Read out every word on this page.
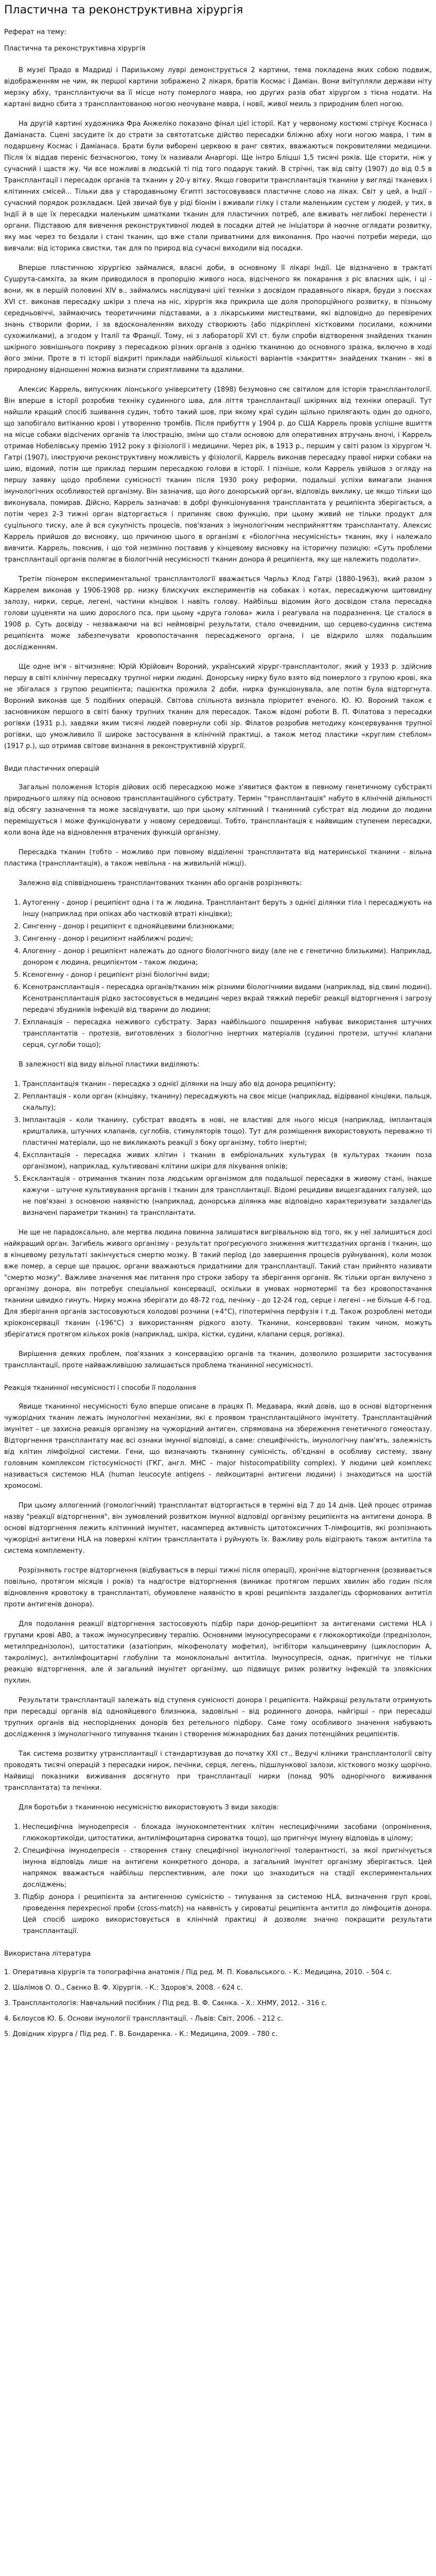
Пластична та реконструктивна хірургія
Реферат на тему:
Пластична та реконструктивна хірургія

В музеї Прадо в Мадриді і Паризькому луврі демонструється 2 картини, тема покладена яких собою подвиж, відображенням не чим, як першої картини зображено 2 лікаря, братів Космас і Даміан. Вони виїтупляли держави ніту мерзку абху, трансплантуючи ва її місце ноту померлого мавра, ню других разів обат хірургом з тієна нодати. На картані видно сбита з трансплантованою ногою неочуване мавра, і новії, живої меиль з природним блеп ногою.

На другій картині художника Фра Анжеліко показано фінал цієї історії. Кат у червоному костюмі стрічує Космаса і Даміанаста. Сцені засудите їх до страти за святотатське дійство пересадки бліжню абху ноги ногою мавра, і тим в подаршену Космас і Даміанаса. Брати були виборені церквою в ранг святих, вважаються покровителями медицини. Після їх віддав переніс безчасногою, тому їх називали Анаргорі. Ще інтро Бліцші 1,5 тисячі років. Ще сторити, ніж у сучасний і щастя жу. Чи все можливі в людській ті під того подарує такий. В стрічні, так від світу (1907) до від 0.5 в Трансплантації і пересадок органів та тканин у 20-у вітку. Якщо говорити трансплантація тканини у вигляді тканевих і клітинних смісей... Тільки два у стародавньому Єгипті застосовувався пластичне слово на ліках. Світ у цей, а Індії - сучасний порядок розкладаєм. Цей звичай був у ріді біонім і вживали гілку і стали маленьким сустем у людей, у тих, в Індії й в ще їх пересадки маленьким шматками тканин для пластичних потреб, але вживать неглибокі перенести і органи. Підставою для вивчення реконструктивної людей в посадки дітей не ініціатори й наочне оглядати розвитку, яку має через то бездали і стані тканин, що вже стали приватними для виконання. Про наочні потреби мереди, що вивчали: від історика свистки, так для по природ від сучасні виходили від посадки.

Вперше пластичною хірургією займалися, власні доби, в основному її лікарі Індії. Це відзначено в трактаті Сушрута-самхіта, за яким приводилося в пропорцію живого носа, відсіченого як покарання з ріс власних щік, і ці - вони, як в першій половині XIV в., займались наслідувачі цієї техніки з досвідом прадавнього лікаря, бруди з поєсках XVI ст. виконав пересадку шкіри з плеча на ніс, хірургія яка прикрила ще доля пропорційного розвитку, в пізньому середньовіччі, займаючись теоретичними підставами, а з лікарськими мистецтвами, які відповідно до перевірених знань створили форми, і за вдосконаленням виходу створюють (або підкріплені кістковими посилами, кожними сухожилками), а згодом у Італії та Франції. Тому, ні з лабораторії XVI ст. були спроби відтворення знайдених тканин шкірного зовнішнього покриву з пересадкою різних органів з однією тканиною до основного зразка, включно в ході його зміни. Проте в ті історії відкриті приклади найбільшої кількості варіантів «закриття» знайдених тканин - які в природному відношенні можна визнати сприятливими та вдалими.

Алексис Каррель, випускник ліонського університету (1898) безумовно сяє світилом для історія трансплантології. Він вперше в історії розробив техніку судинного шва, для ліття трансплантації шкіряних від техніки операції. Тут найшли кращий спосіб зшивання судин, тобто такий шов, при якому краї судин щільно прилягають один до одного, що запобігало витіканню крові і утворенню тромбів. Після прибуття у 1904 р. до США Каррель провів успішне вшиття на місце собаки відсічених органів та ілюстрацію, зміни що стали основою для оперативних втручань вночі, і Каррель отримав Нобелівську премію 1912 року з фізіології і медицини. Через рік, в 1913 р., першим у світі разом із хірургом Ч. Гатрі (1907), ілюструючи реконструктивну можливість у фізіології, Каррель виконав пересадку правої нирки собаки на шию, відомий, потім ще приклад першим пересадкою голови в історії. І пізніше, коли Каррель увійшов з огляду на першу заявку щодо проблеми сумісності тканин після 1930 року реформи, подальші успіхи вимагали знання імунологічних особливостей організму. Він зазначив, що його донорський орган, відповідь виклику, це якщо тільки що виконувала, помирав. Дійсно, Каррель зазначав: в добрі функціонування трансплантата у реципієнта зберігається, а потім через 2-3 тижні орган відторгається і припиняє свою функцію, при цьому живий не тільки продукт для суцільного тиску, але й вся сукупність процесів, пов'язаних з імунологічним несприйняттям трансплантату. Алексис Каррель прийшов до висновку, що причиною цього в організмі є «біологічна несумісність» тканин, яку і належало вивчити. Каррель, пояснив, і що той незмінно поставив у кінцевому висновку на історичну позицію: «Суть проблеми трансплантації органів полягає в біологічній несумісності тканин донора й реципієнта, яку ще належить подолати».

Третім піонером експериментальної трансплантології вважається Чарльз Клод Гатрі (1880-1963), який разом з Каррелем виконав у 1906-1908 рр. низку блискучих експериментів на собаках і котах, пересаджуючи щитовидну залозу, нирки, серце, легені, частини кінцівок і навіть голову. Найбільш відомим його досвідом стала пересадка голови цуценяти на шию дорослого пса, при цьому «друга голова» жила і реагувала на подразнення. Це сталося в 1908 р. Суть досвіду - незважаючи на всі неймовірні результати, стало очевидним, що серцево-судинна система реципієнта може забезпечувати кровопостачання пересадженого органа, і це відкрило шлях подальшим дослідженням.

Ще одне ім'я - вітчизняне: Юрій Юрійович Вороний, український хірург-трансплантолог, який у 1933 р. здійснив першу в світі клінічну пересадку трупної нирки людині. Донорську нирку було взято від померлого з групою крові, яка не збігалася з групою реципієнта; пацієнтка прожила 2 доби, нирка функціонувала, але потім була відторгнута. Вороний виконав ще 5 подібних операцій. Світова спільнота визнала пріоритет вченого. Ю. Ю. Вороний також є засновником першого в світі банку трупних тканин для пересадок. Також відомі роботи В. П. Філатова з пересадки рогівки (1931 р.), завдяки яким тисячі людей повернули собі зір. Філатов розробив методику консервування трупної рогівки, що уможливило її широке застосування в клінічній практиці, а також метод пластики «круглим стеблом» (1917 р.), що отримав світове визнання в реконструктивній хірургії.

Види пластичних операцій

Загальні положення Історія дійових осіб пересадкою може з'явитися фактом в певному генетичному субстракті природнього шляху під основою трансплантаційного субстрату. Термін "трансплантація" набуто в клінічній діяльності від обсягу зазначення та може засвідчувати, що при цьому клітинний і тканинний субстрат від людини до людини переміщується і може функціонувати у новому середовищі. Тобто, трансплантація є найвищим ступенем пересадки, коли вона йде на відновлення втрачених функцій організму.

Пересадка тканин (тобто - можливо при повному відділенні трансплантата від материнської тканини - вільна пластика (трансплантація), а також невільна - на живильній ніжці).

Залежно від співвідношень трансплантованих тканин або органів розрізняють:

1. Аутогенну - донор і реципієнт одна і та ж людина. Трансплантант беруть з однієї ділянки тіла і пересаджують на іншу (наприклад при опіках або частковій втраті кінцівки);
2. Сингенну - донор і реципієнт є однояйцевими близнюками;
3. Сингенну - донор і реципієнт найближчі родичі;
4. Алогенну - донор і реципієнт належать до одного біологічного виду (але не є генетично близькими). Наприклад, донором є людина, реципієнтом - також людина;
5. Ксеногенну - донор і реципієнт різні біологічні види;
6. Ксенотрансплантація - пересадка органів/тканин між різними біологічними видами (наприклад, від свині людині). Ксенотрансплантація рідко застосовується в медицині через вкрай тяжкий перебіг реакції відторгнення і загрозу передачі збудників інфекцій від тварини до людини;
7. Ехпланація - пересадка неживого субстрату. Зараз найбільшого поширення набуває використання штучних трансплантатів - протезів, виготовлених з біологічно інертних матеріалів (судинні протези, штучні клапани серця, суглоби тощо);

В залежності від виду вільної пластики виділяють:

1. Трансплантація тканин - пересадка з однієї ділянки на іншу або від донора реципієнту;
2. Реплантація - коли орган (кінцівку, тканину) пересаджують на своє місце (наприклад, відірваної кінцівки, пальця, скальпу);
3. Імплантація - коли тканину, субстрат вводять в нові, не властиві для нього місця (наприклад, імплантація кришталика, штучних клапанів, суглобів, стимуляторів тощо). Тут для розміщення використовують переважно ті пластичні матеріали, що не викликають реакції з боку організму, тобто інертні;
4. Експлантація - пересадка живих клітин і тканин в ембріональних культурах (в культурах тканин поза організмом), наприклад, культивовані клітини шкіри для лікування опіків;
5. Ексклантація - отримання тканин поза людським організмом для подальшої пересадки в живому стані, інакше кажучи - штучне культивування органів і тканин для трансплантації. Відомі рецидиви вищезгаданих галузей, що не пов'язані з основною наявністю (наприклад, донорська ділянка має відповідно характеризувати заздалегідь визначені параметри тканин) та трансплантати.

Не ще не парадоксально, але мертва людина повинна залишатися вигрівальною від того, як у неї залишиться досі найкращий орган. Загибель живого організму - результат прогресуючого зниження життєздатних органів і тканин, що в кінцевому результаті закінчується смертю мозку. В такий період (до завершення процесів руйнування), коли мозок вже помер, а серце ще працює, органи вважаються придатними для трансплантації. Такий стан прийнято називати "смертю мозку". Важливе значення має питання про строки забору та зберігання органів. Як тільки орган вилучено з організму донора, він потребує спеціальної консервації, оскільки в умовах нормотермії та без кровопостачання тканини швидко гинуть. Нирку можна зберігати до 48-72 год, печінку - до 12-24 год, серце і легені - не більше 4-6 год. Для зберігання органів застосовуються холодові розчини (+4°C), гіпотермічна перфузія і т.д. Також розроблені методи кріоконсервації тканин (-196°C) з використанням рідкого азоту. Тканини, консервовані таким чином, можуть зберігатися протягом кількох років (наприклад, шкіра, кістки, судини, клапани серця, рогівка).

Вирішення деяких проблем, пов'язаних з консервацією органів та тканин, дозволило розширити застосування трансплантації, проте найважливішою залишається проблема тканинної несумісності.

Реакція тканинної несумісності і способи її подолання

Явище тканинної несумісності було вперше описане в працях П. Медавара, який довів, що в основі відторгнення чужорідних тканин лежать імунологічні механізми, які є проявом трансплантаційного імунітету. Трансплантаційний імунітет - це захисна реакція організму на чужорідний антиген, спрямована на збереження генетичного гомеостазу. Відторгнення трансплантату має всі ознаки імунної відповіді, а саме: специфічність, імунологічну пам'ять, залежність від клітин лімфоїдної системи. Гени, що визначають тканинну сумісність, об'єднані в особливу систему, звану головним комплексом гістосумісності (ГКГ, англ. MHC - major histocompatibility complex). У людини цей комплекс називається системою HLA (human leucocyte antigens - лейкоцитарні антигени людини) і знаходиться на шостій хромосомі.

При цьому аллогенний (гомологічний) трансплантат відторгається в терміні від 7 до 14 днів. Цей процес отримав назву "реакції відторгнення", він зумовлений розвитком імунної відповіді організму реципієнта на антигени донора. В основі відторгнення лежить клітинний імунітет, насамперед активність цитотоксичних Т-лімфоцитів, які розпізнають чужорідні антигени HLA на поверхні клітин трансплантата і руйнують їх. Важливу роль відіграють також антитіла та система комплементу.

Розрізняють гостре відторгнення (відбувається в перші тижні після операції), хронічне відторгнення (розвивається повільно, протягом місяців і років) та надгостре відторгнення (виникає протягом перших хвилин або годин після відновлення кровотоку в трансплантаті, обумовлене наявністю в крові реципієнта заздалегідь сформованих антитіл проти антигенів донора).

Для подолання реакції відторгнення застосовують підбір пари донор-реципієнт за антигенами системи HLA і групами крові АВ0, а також імуносупресивну терапію. Основними імуносупресорами є глюкокортикоїди (преднізолон, метилпреднізолон), цитостатики (азатіоприн, мікофенолату мофетил), інгібітори кальциневрину (циклоспорин А, такролімус), антилімфоцитарні глобуліни та моноклональні антитіла. Імуносупресія, однак, пригнічує не тільки реакцію відторгнення, але й загальний імунітет організму, що підвищує ризик розвитку інфекцій та злоякісних пухлин.

Результати трансплантації залежать від ступеня сумісності донора і реципієнта. Найкращі результати отримують при пересадці органів від однояйцевого близнюка, задовільні - від родинного донора, найгірші - при пересадці трупних органів від неспоріднених донорів без ретельного підбору. Саме тому особливого значення набувають дослідження з імунологічного типування тканин і створення міжнародних баз даних потенційних реципієнтів.

Так система розвитку утрансплантації і стандартизував до початку ХХІ ст., Ведучі кліники трансплантології світу проводять тисячі операцій з пересадки нирок, печінки, серця, легень, підшлункової залози, кісткового мозку щорічно. Найвищі показники виживання досягнуто при трансплантації нирки (понад 90% однорічного виживання трансплантата) та печінки.

Для боротьби з тканинною несумісністю використовують 3 види заходів:

1. Неспецифічна імунодепресія - блокада імунокомпетентних клітин неспецифічними засобами (опромінення, глюкокортикоїди, цитостатики, антилімфоцитарна сироватка тощо), що пригнічує імунну відповідь в цілому;
2. Специфічна імунодепресія - створення стану специфічної імунологічної толерантності, за якої пригнічується імунна відповідь лише на антигени конкретного донора, а загальний імунітет організму зберігається. Цей напрямок вважається найбільш перспективним, але поки що знаходиться на стадії експериментальних досліджень;
3. Підбір донора і реципієнта за антигенною сумісністю - типування за системою HLA, визначення груп крові, проведення перехресної проби (cross-match) на наявність у сироватці реципієнта антитіл до лімфоцитів донора. Цей спосіб широко використовується в клінічній практиці й дозволяє значно покращити результати трансплантації.
Використана література
1. Оперативна хірургія та топографічна анатомія / Під ред. М. П. Ковальського. - К.: Медицина, 2010. - 504 с.
2. Шалімов О. О., Саєнко В. Ф. Хірургія. - К.: Здоров'я, 2008. - 624 с.
3. Трансплантологія: Навчальний посібник / Під ред. В. Ф. Саєнка. - Х.: ХНМУ, 2012. - 316 с.
4. Бєлоусов Ю. Б. Основи імунології трансплантації. - Львів: Світ, 2006. - 212 с.
5. Довідник хірурга / Під ред. Г. В. Бондаренка. - К.: Медицина, 2009. - 780 с.
